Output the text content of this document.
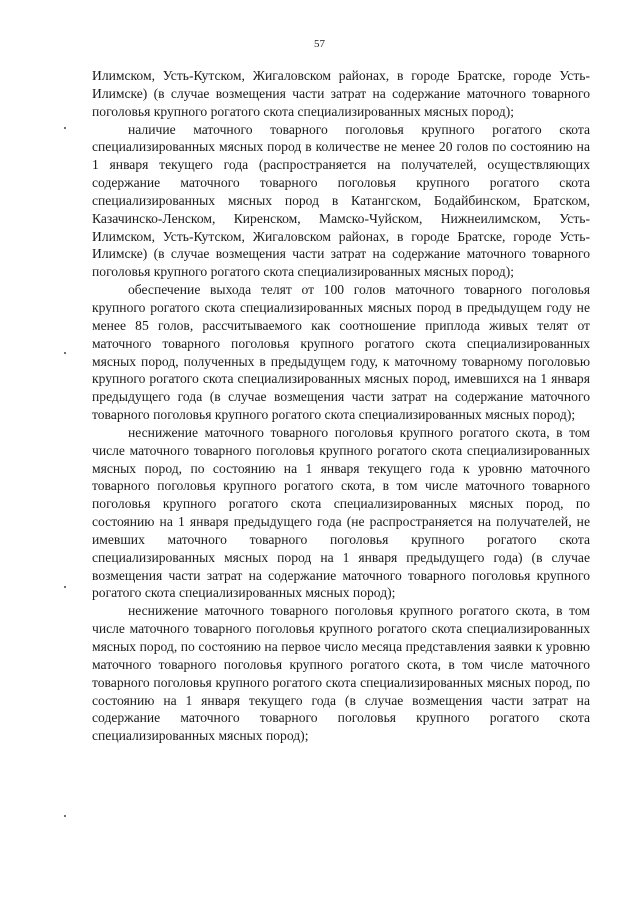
57

Илимском, Усть-Кутском, Жигаловском районах, в городе Братске, городе Усть-Илимске) (в случае возмещения части затрат на содержание маточного товарного поголовья крупного рогатого скота специализированных мясных пород);

наличие маточного товарного поголовья крупного рогатого скота специализированных мясных пород в количестве не менее 20 голов по состоянию на 1 января текущего года (распространяется на получателей, осуществляющих содержание маточного товарного поголовья крупного рогатого скота специализированных мясных пород в Катангском, Бодайбинском, Братском, Казачинско-Ленском, Киренском, Мамско-Чуйском, Нижнеилимском, Усть-Илимском, Усть-Кутском, Жигаловском районах, в городе Братске, городе Усть-Илимске) (в случае возмещения части затрат на содержание маточного товарного поголовья крупного рогатого скота специализированных мясных пород);

обеспечение выхода телят от 100 голов маточного товарного поголовья крупного рогатого скота специализированных мясных пород в предыдущем году не менее 85 голов, рассчитываемого как соотношение приплода живых телят от маточного товарного поголовья крупного рогатого скота специализированных мясных пород, полученных в предыдущем году, к маточному товарному поголовью крупного рогатого скота специализированных мясных пород, имевшихся на 1 января предыдущего года (в случае возмещения части затрат на содержание маточного товарного поголовья крупного рогатого скота специализированных мясных пород);

неснижение маточного товарного поголовья крупного рогатого скота, в том числе маточного товарного поголовья крупного рогатого скота специализированных мясных пород, по состоянию на 1 января текущего года к уровню маточного товарного поголовья крупного рогатого скота, в том числе маточного товарного поголовья крупного рогатого скота специализированных мясных пород, по состоянию на 1 января предыдущего года (не распространяется на получателей, не имевших маточного товарного поголовья крупного рогатого скота специализированных мясных пород на 1 января предыдущего года) (в случае возмещения части затрат на содержание маточного товарного поголовья крупного рогатого скота специализированных мясных пород);

неснижение маточного товарного поголовья крупного рогатого скота, в том числе маточного товарного поголовья крупного рогатого скота специализированных мясных пород, по состоянию на первое число месяца представления заявки к уровню маточного товарного поголовья крупного рогатого скота, в том числе маточного товарного поголовья крупного рогатого скота специализированных мясных пород, по состоянию на 1 января текущего года (в случае возмещения части затрат на содержание маточного товарного поголовья крупного рогатого скота специализированных мясных пород);
